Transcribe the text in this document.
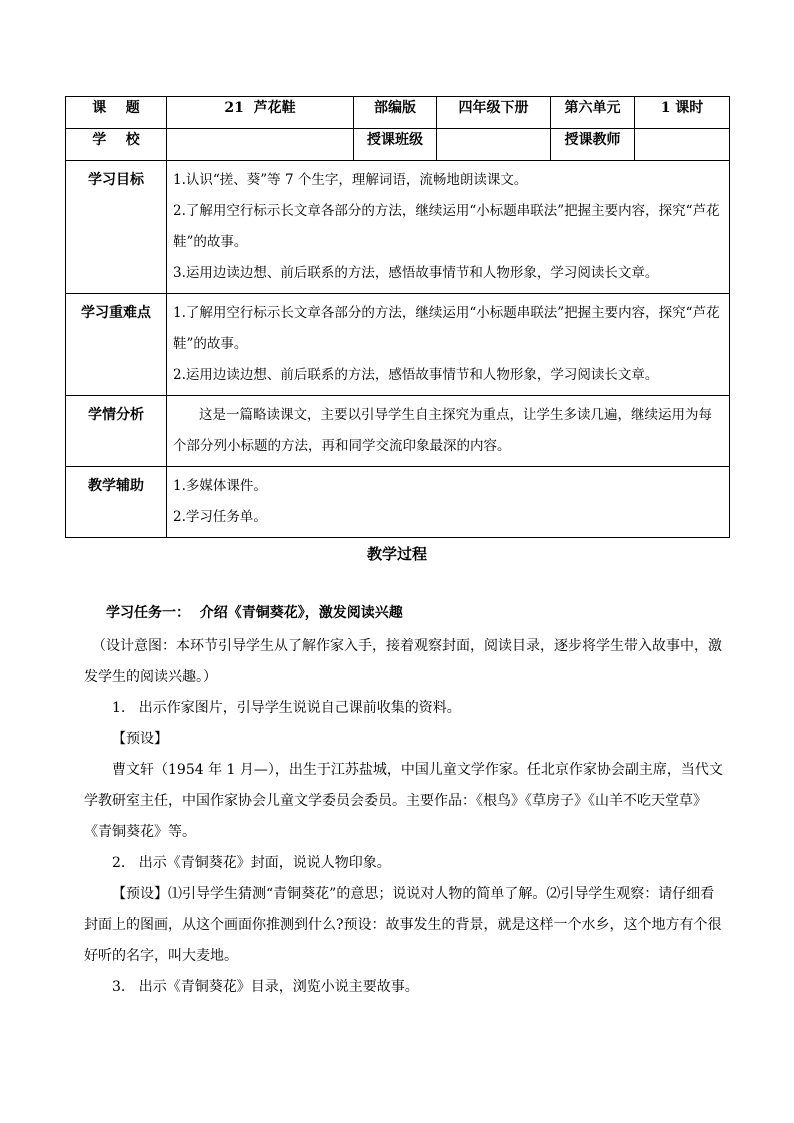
课    题	21  芦花鞋	部编版	四年级下册	第六单元	1 课时
学    校		授课班级		授课教师	
学习目标	1.认识“搓、葵”等 7 个生字，理解词语，流畅地朗读课文。

2.了解用空行标示长文章各部分的方法，继续运用“小标题串联法”把握主要内容，探究“芦花鞋”的故事。

3.运用边读边想、前后联系的方法，感悟故事情节和人物形象，学习阅读长文章。				

学习重难点	1.了解用空行标示长文章各部分的方法，继续运用“小标题串联法”把握主要内容，探究“芦花鞋”的故事。

2.运用边读边想、前后联系的方法，感悟故事情节和人物形象，学习阅读长文章。				

学情分析	这是一篇略读课文，主要以引导学生自主探究为重点，让学生多读几遍，继续运用为每个部分列小标题的方法，再和同学交流印象最深的内容。				

教学辅助	1.多媒体课件。

2.学习任务单。				

教学过程

学习任务一：  介绍《青铜葵花》，激发阅读兴趣

（设计意图：本环节引导学生从了解作家入手，接着观察封面，阅读目录，逐步将学生带入故事中，激发学生的阅读兴趣。）

1.   出示作家图片，引导学生说说自己课前收集的资料。

【预设】

曹文轩（1954 年 1 月—），出生于江苏盐城，中国儿童文学作家。任北京作家协会副主席，当代文学教研室主任，中国作家协会儿童文学委员会委员。主要作品：《根鸟》《草房子》《山羊不吃天堂草》《青铜葵花》等。

2.   出示《青铜葵花》封面，说说人物印象。

【预设】⑴引导学生猜测“青铜葵花”的意思；说说对人物的简单了解。⑵引导学生观察：请仔细看封面上的图画，从这个画面你推测到什么?预设：故事发生的背景，就是这样一个水乡，这个地方有个很好听的名字，叫大麦地。

3.   出示《青铜葵花》目录，浏览小说主要故事。
